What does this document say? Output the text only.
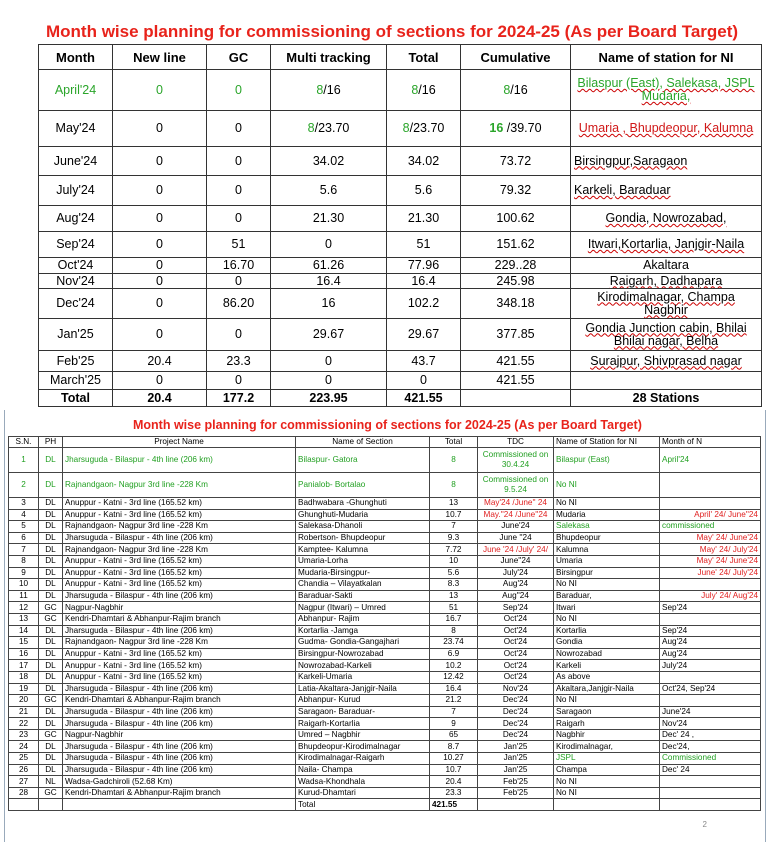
Month wise planning for commissioning of sections for 2024-25 (As per Board Target)
Month	New line	GC	Multi tracking	Total	Cumulative	Name of station for NI
April'24	0	0	8/16	8/16	8/16	Bilaspur (East), Salekasa, JSPL Mudaria,
May'24	0	0	8/23.70	8/23.70	16 /39.70	Umaria , Bhupdeopur, Kalumna
June'24	0	0	34.02	34.02	73.72	Birsingpur,Saragaon
July'24	0	0	5.6	5.6	79.32	Karkeli, Baraduar
Aug'24	0	0	21.30	21.30	100.62	Gondia, Nowrozabad,
Sep'24	0	51	0	51	151.62	Itwari,Kortarlia, Janjgir-Naila
Oct'24	0	16.70	61.26	77.96	229..28	Akaltara
Nov'24	0	0	16.4	16.4	245.98	Raigarh, Dadhapara
Dec'24	0	86.20	16	102.2	348.18	Kirodimalnagar, Champa Nagbhir
Jan'25	0	0	29.67	29.67	377.85	Gondia Junction cabin, Bhilai Bhilai nagar, Belha
Feb'25	20.4	23.3	0	43.7	421.55	Surajpur, Shivprasad nagar
March'25	0	0	0	0	421.55	
Total	20.4	177.2	223.95	421.55		28 Stations
Month wise planning for commissioning of sections for 2024-25 (As per Board Target)
S.N.	PH	Project Name	Name of Section	Total	TDC	Name of Station for NI	Month of N
1	DL	Jharsuguda - Bilaspur - 4th line (206 km)	Bilaspur- Gatora	8	Commissioned on 30.4.24	Bilaspur (East)	April'24
2	DL	Rajnandgaon- Nagpur 3rd line -228 Km	Panialob- Bortalao	8	Commissioned on 9.5.24	No NI	
3	DL	Anuppur - Katni - 3rd line (165.52 km)	Badhwabara -Ghunghuti	13	May'24 /June'' 24	No NI	
4	DL	Anuppur - Katni - 3rd line (165.52 km)	Ghunghuti-Mudaria	10.7	May.''24 /June''24	Mudaria	April' 24/ June''24
5	DL	Rajnandgaon- Nagpur 3rd line -228 Km	Salekasa-Dhanoli	7	June'24	Salekasa	commissioned
6	DL	Jharsuguda - Bilaspur - 4th line (206 km)	Robertson- Bhupdeopur	9.3	June ''24	Bhupdeopur	May' 24/ June'24
7	DL	Rajnandgaon- Nagpur 3rd line -228 Km	Kamptee- Kalumna	7.72	June '24 /July' 24/	Kalumna	May' 24/ July'24
8	DL	Anuppur - Katni - 3rd line (165.52 km)	Umaria-Lorha	10	June''24	Umaria	May' 24/ June'24
9	DL	Anuppur - Katni - 3rd line (165.52 km)	Mudaria-Birsingpur-	5.6	July'24	Birsingpur	June' 24/ July'24
10	DL	Anuppur - Katni - 3rd line (165.52 km)	Chandia – Vilayatkalan	8.3	Aug'24	No NI	
11	DL	Jharsuguda - Bilaspur - 4th line (206 km)	Baraduar-Sakti	13	Aug''24	Baraduar,	July' 24/ Aug'24
12	GC	Nagpur-Nagbhir	Nagpur (Itwari) – Umred	51	Sep'24	Itwari	Sep'24
13	GC	Kendri-Dhamtari & Abhanpur-Rajim branch	Abhanpur- Rajim	16.7	Oct'24	No NI	
14	DL	Jharsuguda - Bilaspur - 4th line (206 km)	Kortarlia -Jamga	8	Oct'24	Kortarlia	Sep'24
15	DL	Rajnandgaon- Nagpur 3rd line -228 Km	Gudma- Gondia-Gangajhari	23.74	Oct'24	Gondia	Aug'24
16	DL	Anuppur - Katni - 3rd line (165.52 km)	Birsingpur-Nowrozabad	6.9	Oct'24	Nowrozabad	Aug'24
17	DL	Anuppur - Katni - 3rd line (165.52 km)	Nowrozabad-Karkeli	10.2	Oct'24	Karkeli	July'24
18	DL	Anuppur - Katni - 3rd line (165.52 km)	Karkeli-Umaria	12.42	Oct'24	As above	
19	DL	Jharsuguda - Bilaspur - 4th line (206 km)	Latia-Akaltara-Janjgir-Naila	16.4	Nov'24	Akaltara,Janjgir-Naila	Oct'24, Sep'24
20	GC	Kendri-Dhamtari & Abhanpur-Rajim branch	Abhanpur- Kurud	21.2	Dec'24	No NI	
21	DL	Jharsuguda - Bilaspur - 4th line (206 km)	Saragaon- Baraduar-	7	Dec'24	Saragaon	June'24
22	DL	Jharsuguda - Bilaspur - 4th line (206 km)	Raigarh-Kortarlia	9	Dec'24	Raigarh	Nov'24
23	GC	Nagpur-Nagbhir	Umred – Nagbhir	65	Dec'24	Nagbhir	Dec' 24 ,
24	DL	Jharsuguda - Bilaspur - 4th line (206 km)	Bhupdeopur-Kirodimalnagar	8.7	Jan'25	Kirodimalnagar,	Dec'24,
25	DL	Jharsuguda - Bilaspur - 4th line (206 km)	Kirodimalnagar-Raigarh	10.27	Jan'25	JSPL	Commissioned
26	DL	Jharsuguda - Bilaspur - 4th line (206 km)	Naila- Champa	10.7	Jan'25	Champa	Dec' 24
27	NL	Wadsa-Gadchiroli (52.68 Km)	Wadsa-Khondhala	20.4	Feb'25	No NI	
28	GC	Kendri-Dhamtari & Abhanpur-Rajim branch	Kurud-Dhamtari	23.3	Feb'25	No NI	
			Total	421.55			
2
